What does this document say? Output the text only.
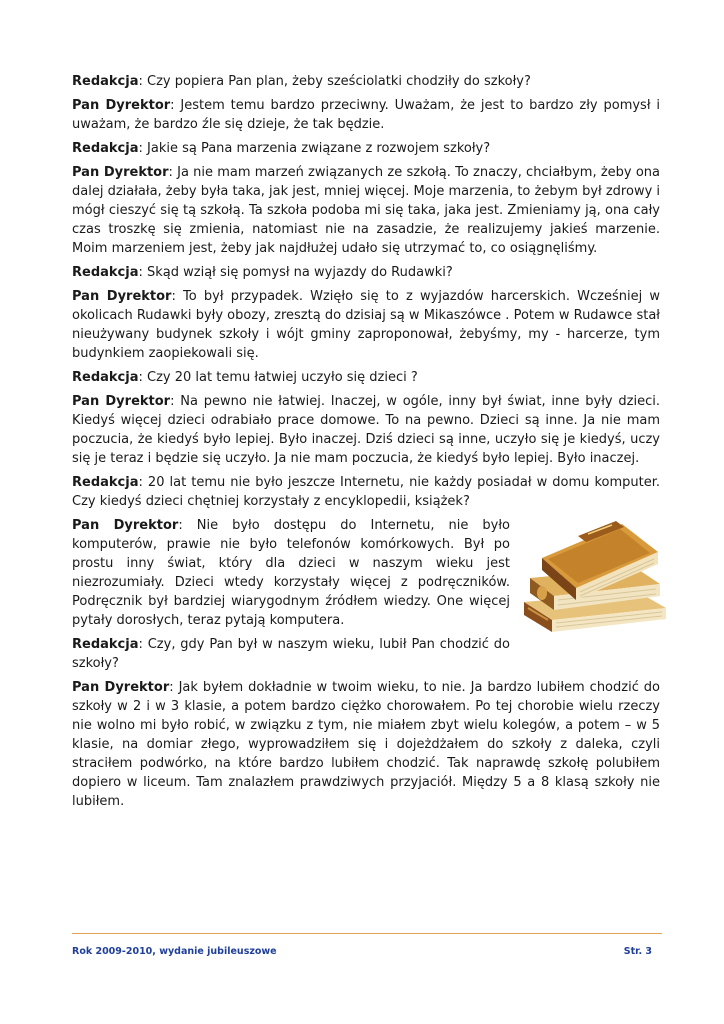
Redakcja: Czy popiera Pan plan, żeby sześciolatki chodziły do szkoły?

Pan Dyrektor: Jestem temu bardzo przeciwny. Uważam, że jest to bardzo zły pomysł i uważam, że bardzo źle się dzieje, że tak będzie.

Redakcja: Jakie są Pana marzenia związane z rozwojem szkoły?

Pan Dyrektor: Ja nie mam marzeń związanych ze szkołą. To znaczy, chciałbym, żeby ona dalej działała, żeby była taka, jak jest, mniej więcej. Moje marzenia, to żebym był zdrowy i mógł cieszyć się tą szkołą. Ta szkoła podoba mi się taka, jaka jest. Zmieniamy ją, ona cały czas troszkę się zmienia, natomiast nie na zasadzie, że realizujemy jakieś marzenie. Moim marzeniem jest, żeby jak najdłużej udało się utrzymać to, co osiągnęliśmy.

Redakcja: Skąd wziął się pomysł na wyjazdy do Rudawki?

Pan Dyrektor: To był przypadek. Wzięło się to z wyjazdów harcerskich. Wcześniej w okolicach Rudawki były obozy, zresztą do dzisiaj są w Mikaszówce . Potem w Rudawce stał nieużywany budynek szkoły i wójt gminy zaproponował, żebyśmy, my - harcerze, tym budynkiem zaopiekowali się.

Redakcja: Czy 20 lat temu łatwiej uczyło się dzieci ?

Pan Dyrektor: Na pewno nie łatwiej. Inaczej, w ogóle, inny był świat, inne były dzieci. Kiedyś więcej dzieci odrabiało prace domowe. To na pewno. Dzieci są inne. Ja nie mam poczucia, że kiedyś było lepiej. Było inaczej. Dziś dzieci są inne, uczyło się je kiedyś, uczy się je teraz i będzie się uczyło. Ja nie mam poczucia, że kiedyś było lepiej. Było inaczej.

Redakcja: 20 lat temu nie było jeszcze Internetu, nie każdy posiadał w domu komputer. Czy kiedyś dzieci chętniej korzystały z encyklopedii, książek?

Pan Dyrektor: Nie było dostępu do Internetu, nie było komputerów, prawie nie było telefonów komórkowych. Był po prostu inny świat, który dla dzieci w naszym wieku jest niezrozumiały. Dzieci wtedy korzystały więcej z podręczników. Podręcznik był bardziej wiarygodnym źródłem wiedzy. One więcej pytały dorosłych, teraz pytają komputera.

Redakcja: Czy, gdy Pan był w naszym wieku, lubił Pan chodzić do szkoły?

Pan Dyrektor: Jak byłem dokładnie w twoim wieku, to nie. Ja bardzo lubiłem chodzić do szkoły w 2 i w 3 klasie, a potem bardzo ciężko chorowałem. Po tej chorobie wielu rzeczy nie wolno mi było robić, w związku z tym, nie miałem zbyt wielu kolegów, a potem – w 5 klasie, na domiar złego, wyprowadziłem się i dojeżdżałem do szkoły z daleka, czyli straciłem podwórko, na które bardzo lubiłem chodzić. Tak naprawdę szkołę polubiłem dopiero w liceum. Tam znalazłem prawdziwych przyjaciół. Między 5 a 8 klasą szkoły nie lubiłem.

Rok 2009-2010, wydanie jubileuszowe	Str. 3
